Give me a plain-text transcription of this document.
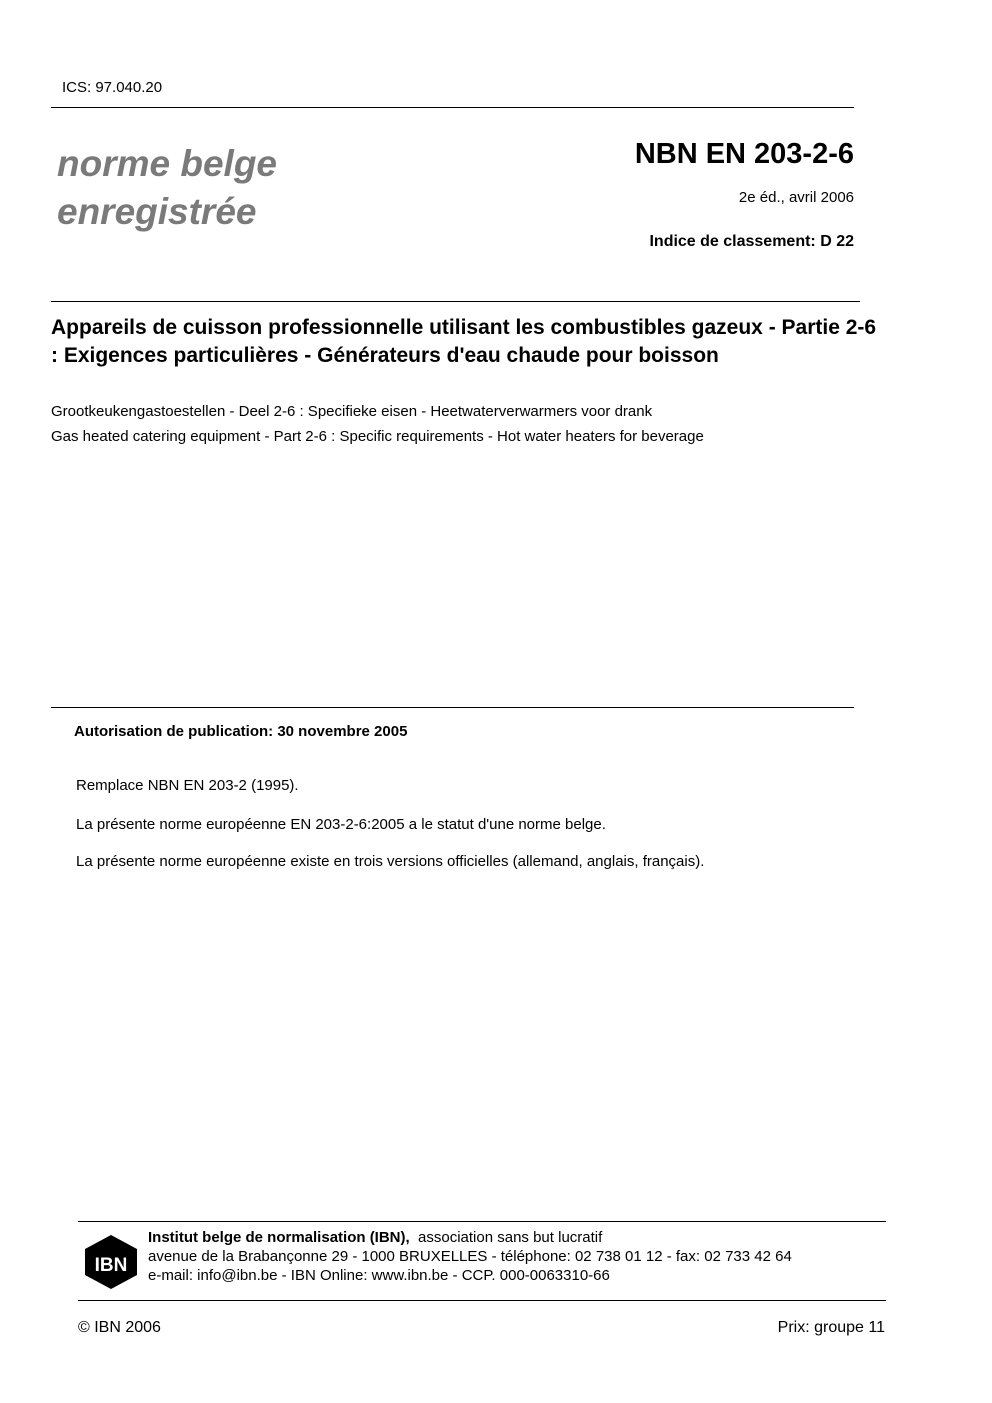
ICS: 97.040.20
norme belge
enregistrée
NBN EN 203-2-6
2e éd., avril 2006
Indice de classement: D 22
Appareils de cuisson professionnelle utilisant les combustibles gazeux - Partie 2-6 : Exigences particulières - Générateurs d'eau chaude pour boisson
Grootkeukengastoestellen - Deel 2-6 : Specifieke eisen - Heetwaterverwarmers voor drank
Gas heated catering equipment - Part 2-6 : Specific requirements - Hot water heaters for beverage
Autorisation de publication: 30 novembre 2005
Remplace NBN EN 203-2 (1995).
La présente norme européenne EN 203-2-6:2005 a le statut d'une norme belge.
La présente norme européenne existe en trois versions officielles (allemand, anglais, français).
IBN
Institut belge de normalisation (IBN), association sans but lucratif
avenue de la Brabançonne 29 - 1000 BRUXELLES - téléphone: 02 738 01 12 - fax: 02 733 42 64
e-mail: info@ibn.be - IBN Online: www.ibn.be - CCP. 000-0063310-66
© IBN 2006	Prix: groupe 11
